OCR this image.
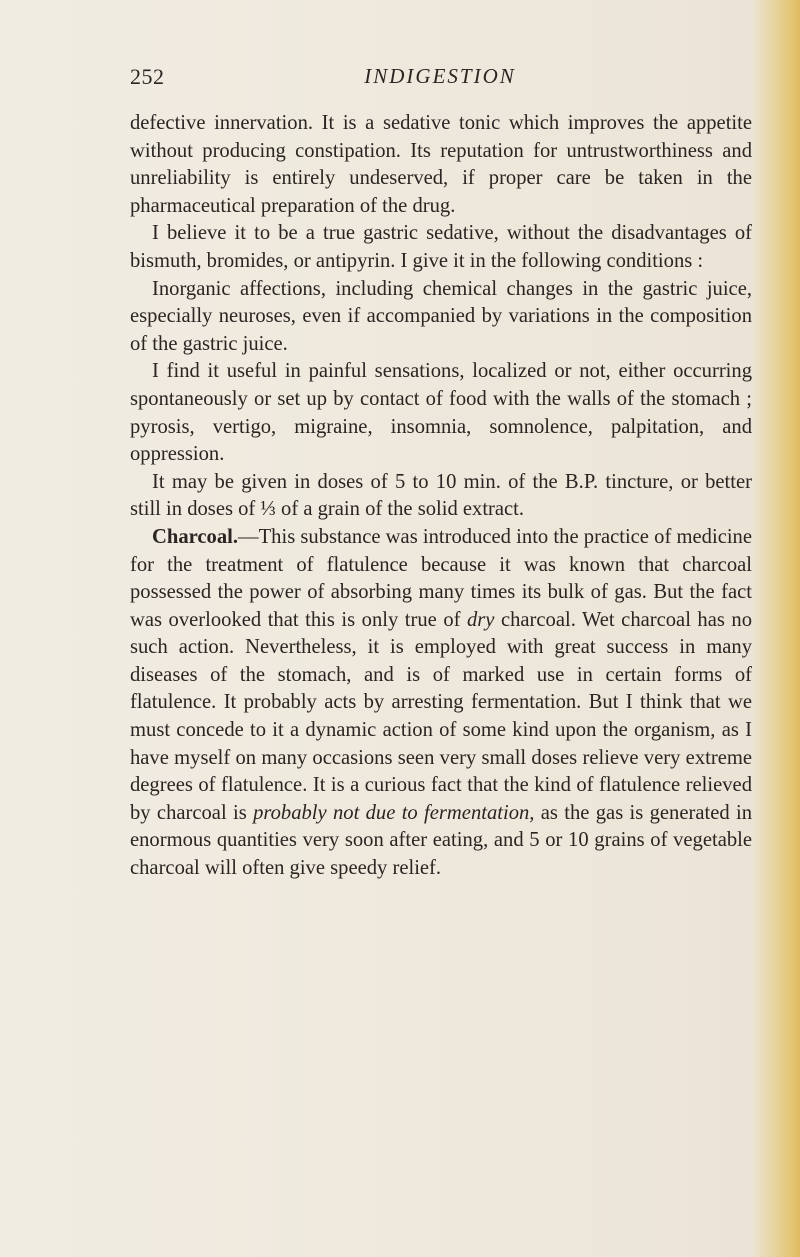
252	INDIGESTION

defective innervation. It is a sedative tonic which improves the appetite without producing constipation. Its reputation for untrustworthiness and unreliability is entirely undeserved, if proper care be taken in the pharmaceutical preparation of the drug.

I believe it to be a true gastric sedative, without the disadvantages of bismuth, bromides, or antipyrin. I give it in the following conditions :

Inorganic affections, including chemical changes in the gastric juice, especially neuroses, even if accompanied by variations in the composition of the gastric juice.

I find it useful in painful sensations, localized or not, either occurring spontaneously or set up by contact of food with the walls of the stomach ; pyrosis, vertigo, migraine, insomnia, somnolence, palpitation, and oppression.

It may be given in doses of 5 to 10 min. of the B.P. tincture, or better still in doses of ⅓ of a grain of the solid extract.

Charcoal.—This substance was introduced into the practice of medicine for the treatment of flatulence because it was known that charcoal possessed the power of absorbing many times its bulk of gas. But the fact was overlooked that this is only true of dry charcoal. Wet charcoal has no such action. Nevertheless, it is employed with great success in many diseases of the stomach, and is of marked use in certain forms of flatulence. It probably acts by arresting fermentation. But I think that we must concede to it a dynamic action of some kind upon the organism, as I have myself on many occasions seen very small doses relieve very extreme degrees of flatulence. It is a curious fact that the kind of flatulence relieved by charcoal is probably not due to fermentation, as the gas is generated in enormous quantities very soon after eating, and 5 or 10 grains of vegetable charcoal will often give speedy relief.
